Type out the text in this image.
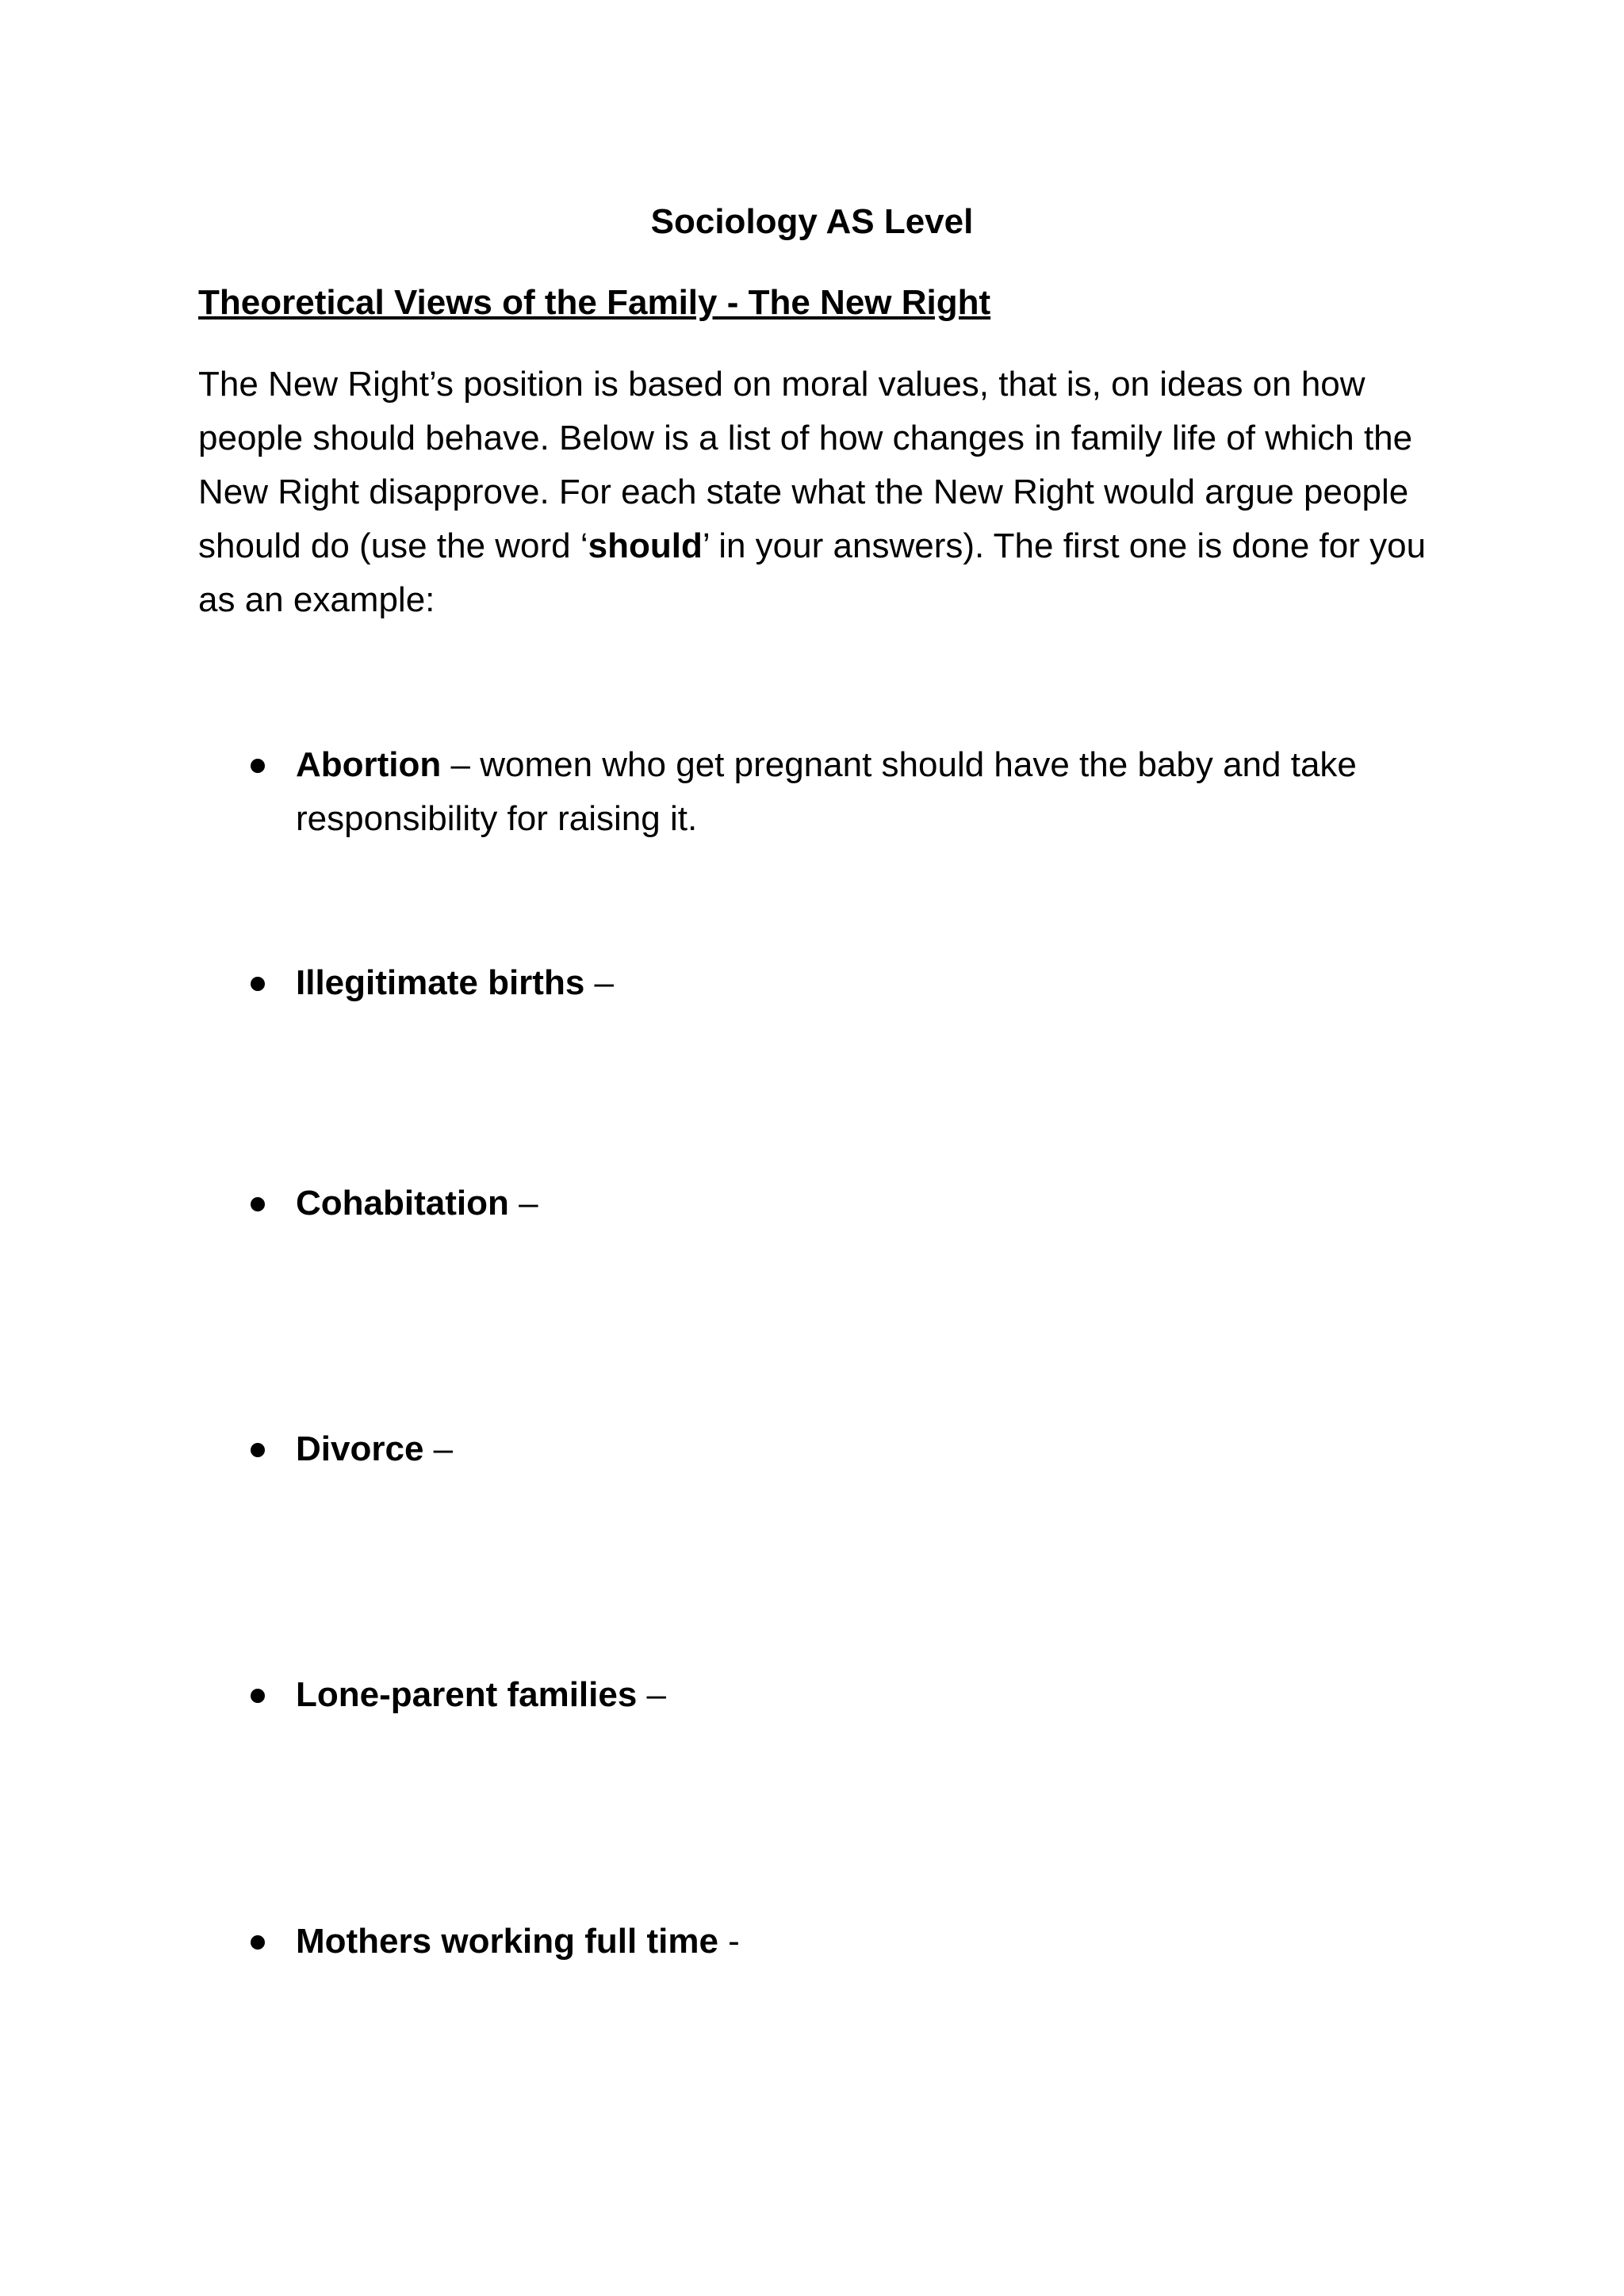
Sociology AS Level
Theoretical Views of the Family - The New Right
The New Right’s position is based on moral values, that is, on ideas on how people should behave. Below is a list of how changes in family life of which the New Right disapprove. For each state what the New Right would argue people should do (use the word ‘should’ in your answers). The first one is done for you as an example:
Abortion – women who get pregnant should have the baby and take responsibility for raising it.
Illegitimate births –
Cohabitation –
Divorce –
Lone-parent families –
Mothers working full time -
